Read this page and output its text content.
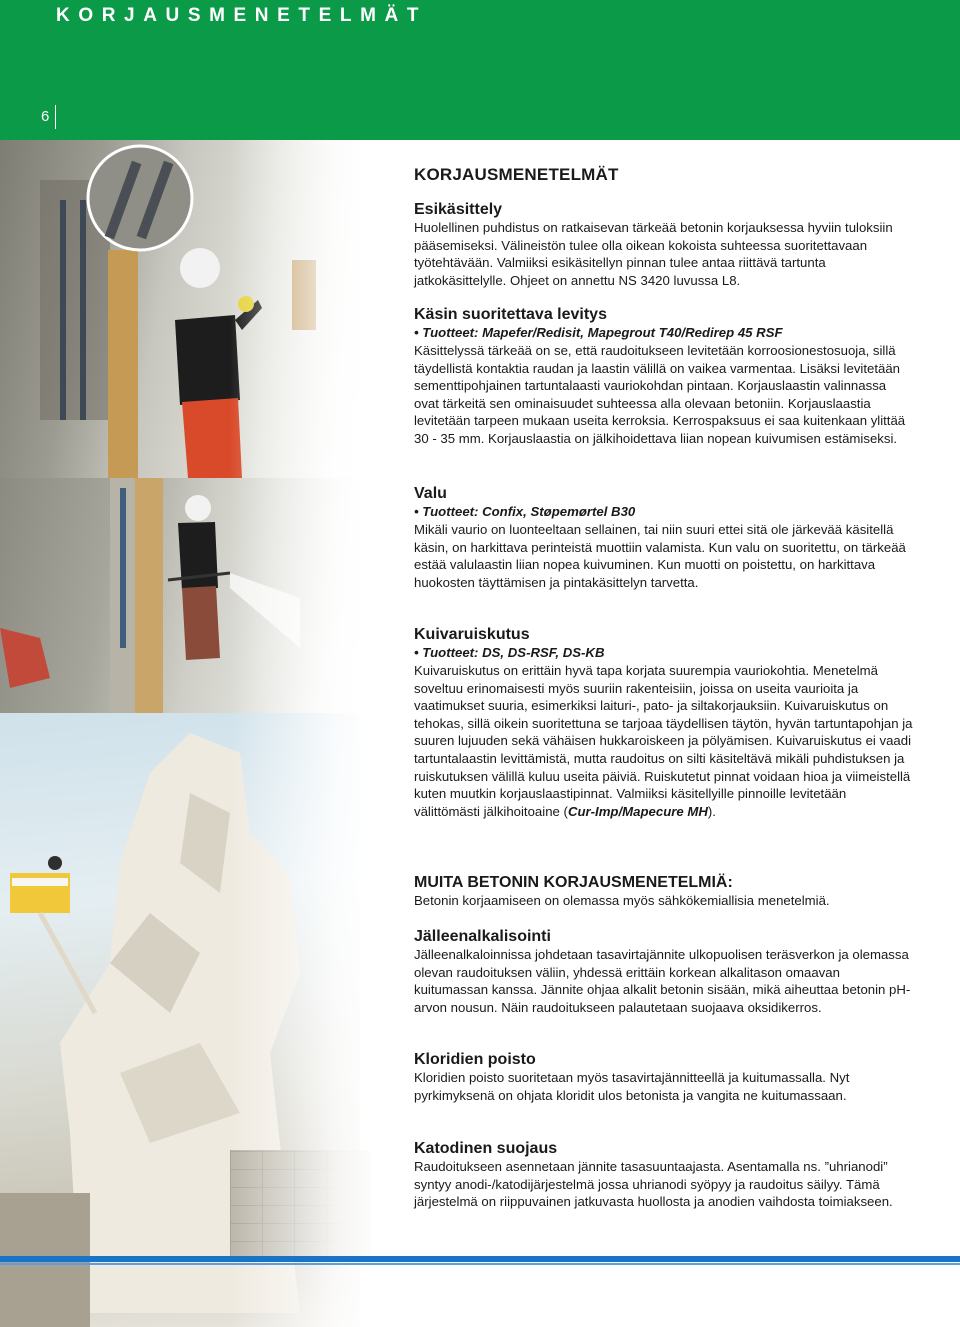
KORJAUSMENETELMÄT
6
KORJAUSMENETELMÄT
Esikäsittely

Huolellinen puhdistus on ratkaisevan tärkeää betonin korjauksessa hyviin tuloksiin pääsemiseksi. Välineistön tulee olla oikean kokoista suhteessa suoritettavaan työtehtävään. Valmiiksi esikäsitellyn pinnan tulee antaa riittävä tartunta jatkokäsittelylle. Ohjeet on annettu NS 3420 luvussa L8.

Käsin suoritettava levitys
• Tuotteet: Mapefer/Redisit, Mapegrout T40/Redirep 45 RSF

Käsittelyssä tärkeää on se, että raudoitukseen levitetään korroosionestosuoja, sillä täydellistä kontaktia raudan ja laastin välillä on vaikea varmentaa. Lisäksi levitetään sementtipohjainen tartuntalaasti vauriokohdan pintaan. Korjauslaastin valinnassa ovat tärkeitä sen ominaisuudet suhteessa alla olevaan betoniin. Korjauslaastia levitetään tarpeen mukaan useita kerroksia. Kerrospaksuus ei saa kuitenkaan ylittää 30 - 35 mm. Korjauslaastia on jälkihoidettava liian nopean kuivumisen estämiseksi.

Valu
• Tuotteet: Confix, Støpemørtel B30

Mikäli vaurio on luonteeltaan sellainen, tai niin suuri ettei sitä ole järkevää käsitellä käsin, on harkittava perinteistä muottiin valamista. Kun valu on suoritettu, on tärkeää estää valulaastin liian nopea kuivuminen. Kun muotti on poistettu, on harkittava huokosten täyttämisen ja pintakäsittelyn tarvetta.

Kuivaruiskutus
• Tuotteet: DS, DS-RSF, DS-KB

Kuivaruiskutus on erittäin hyvä tapa korjata suurempia vauriokohtia. Menetelmä soveltuu erinomaisesti myös suuriin rakenteisiin, joissa on useita vaurioita ja vaatimukset suuria, esimerkiksi laituri-, pato- ja siltakorjauksiin. Kuivaruiskutus on tehokas, sillä oikein suoritettuna se tarjoaa täydellisen täytön, hyvän tartuntapohjan ja suuren lujuuden sekä vähäisen hukkaroiskeen ja pölyämisen. Kuivaruiskutus ei vaadi tartuntalaastin levittämistä, mutta raudoitus on silti käsiteltävä mikäli puhdistuksen ja ruiskutuksen välillä kuluu useita päiviä. Ruiskutetut pinnat voidaan hioa ja viimeistellä kuten muutkin korjauslaastipinnat. Valmiiksi käsitellyille pinnoille levitetään välittömästi jälkihoitoaine (Cur-Imp/Mapecure MH).

MUITA BETONIN KORJAUSMENETELMIÄ:

Betonin korjaamiseen on olemassa myös sähkökemiallisia menetelmiä.

Jälleenalkalisointi

Jälleenalkaloinnissa johdetaan tasavirtajännite ulkopuolisen teräsverkon ja olemassa olevan raudoituksen väliin, yhdessä erittäin korkean alkalitason omaavan kuitumassan kanssa. Jännite ohjaa alkalit betonin sisään, mikä aiheuttaa betonin pH-arvon nousun. Näin raudoitukseen palautetaan suojaava oksidikerros.

Kloridien poisto

Kloridien poisto suoritetaan myös tasavirtajännitteellä ja kuitumassalla. Nyt pyrkimyksenä on ohjata kloridit ulos betonista ja vangita ne kuitumassaan.

Katodinen suojaus

Raudoitukseen asennetaan jännite tasasuuntaajasta. Asentamalla ns. ”uhrianodi” syntyy anodi-/katodijärjestelmä jossa uhrianodi syöpyy ja raudoitus säilyy. Tämä järjestelmä on riippuvainen jatkuvasta huollosta ja anodien vaihdosta toimiakseen.
